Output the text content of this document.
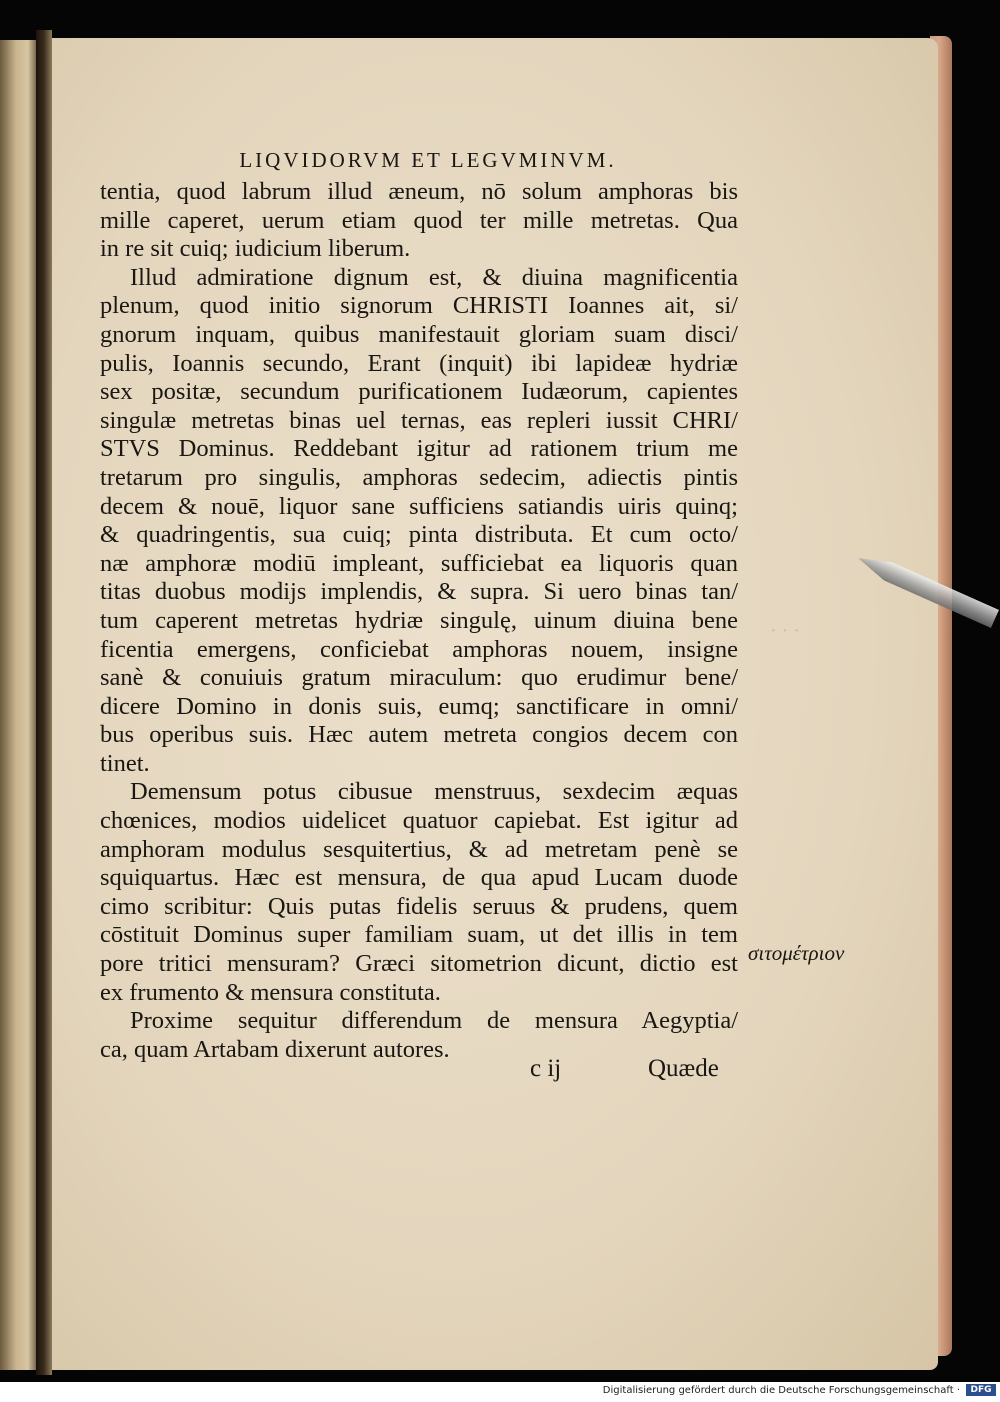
· · ·
LIQVIDORVM ET LEGVMINVM.
tentia, quod labrum illud æneum, nō solum amphoras bis
mille caperet, uerum etiam quod ter mille metretas. Qua
in re sit cuiq; iudicium liberum.
Illud admiratione dignum est, & diuina magnificentia
plenum, quod initio signorum CHRISTI Ioannes ait, si/
gnorum inquam, quibus manifestauit gloriam suam disci/
pulis, Ioannis secundo, Erant (inquit) ibi lapideæ hydriæ
sex positæ, secundum purificationem Iudæorum, capientes
singulæ metretas binas uel ternas, eas repleri iussit CHRI/
STVS Dominus. Reddebant igitur ad rationem trium me
tretarum pro singulis, amphoras sedecim, adiectis pintis
decem & nouē, liquor sane sufficiens satiandis uiris quinq;
& quadringentis, sua cuiq; pinta distributa. Et cum octo/
næ amphoræ modiū impleant, sufficiebat ea liquoris quan
titas duobus modijs implendis, & supra. Si uero binas tan/
tum caperent metretas hydriæ singulę, uinum diuina bene
ficentia emergens, conficiebat amphoras nouem, insigne
sanè & conuiuis gratum miraculum: quo erudimur bene/
dicere Domino in donis suis, eumq; sanctificare in omni/
bus operibus suis. Hæc autem metreta congios decem con
tinet.
Demensum potus cibusue menstruus, sexdecim æquas
chœnices, modios uidelicet quatuor capiebat. Est igitur ad
amphoram modulus sesquitertius, & ad metretam penè se
squiquartus. Hæc est mensura, de qua apud Lucam duode
cimo scribitur: Quis putas fidelis seruus & prudens, quem
cōstituit Dominus super familiam suam, ut det illis in tem
pore tritici mensuram? Græci sitometrion dicunt, dictio est
ex frumento & mensura constituta.
Proxime sequitur differendum de mensura Aegyptia/
ca, quam Artabam dixerunt autores.
σιτομέτριον
c ij	Quæde
Digitalisierung gefördert durch die Deutsche Forschungsgemeinschaft ·	DFG
